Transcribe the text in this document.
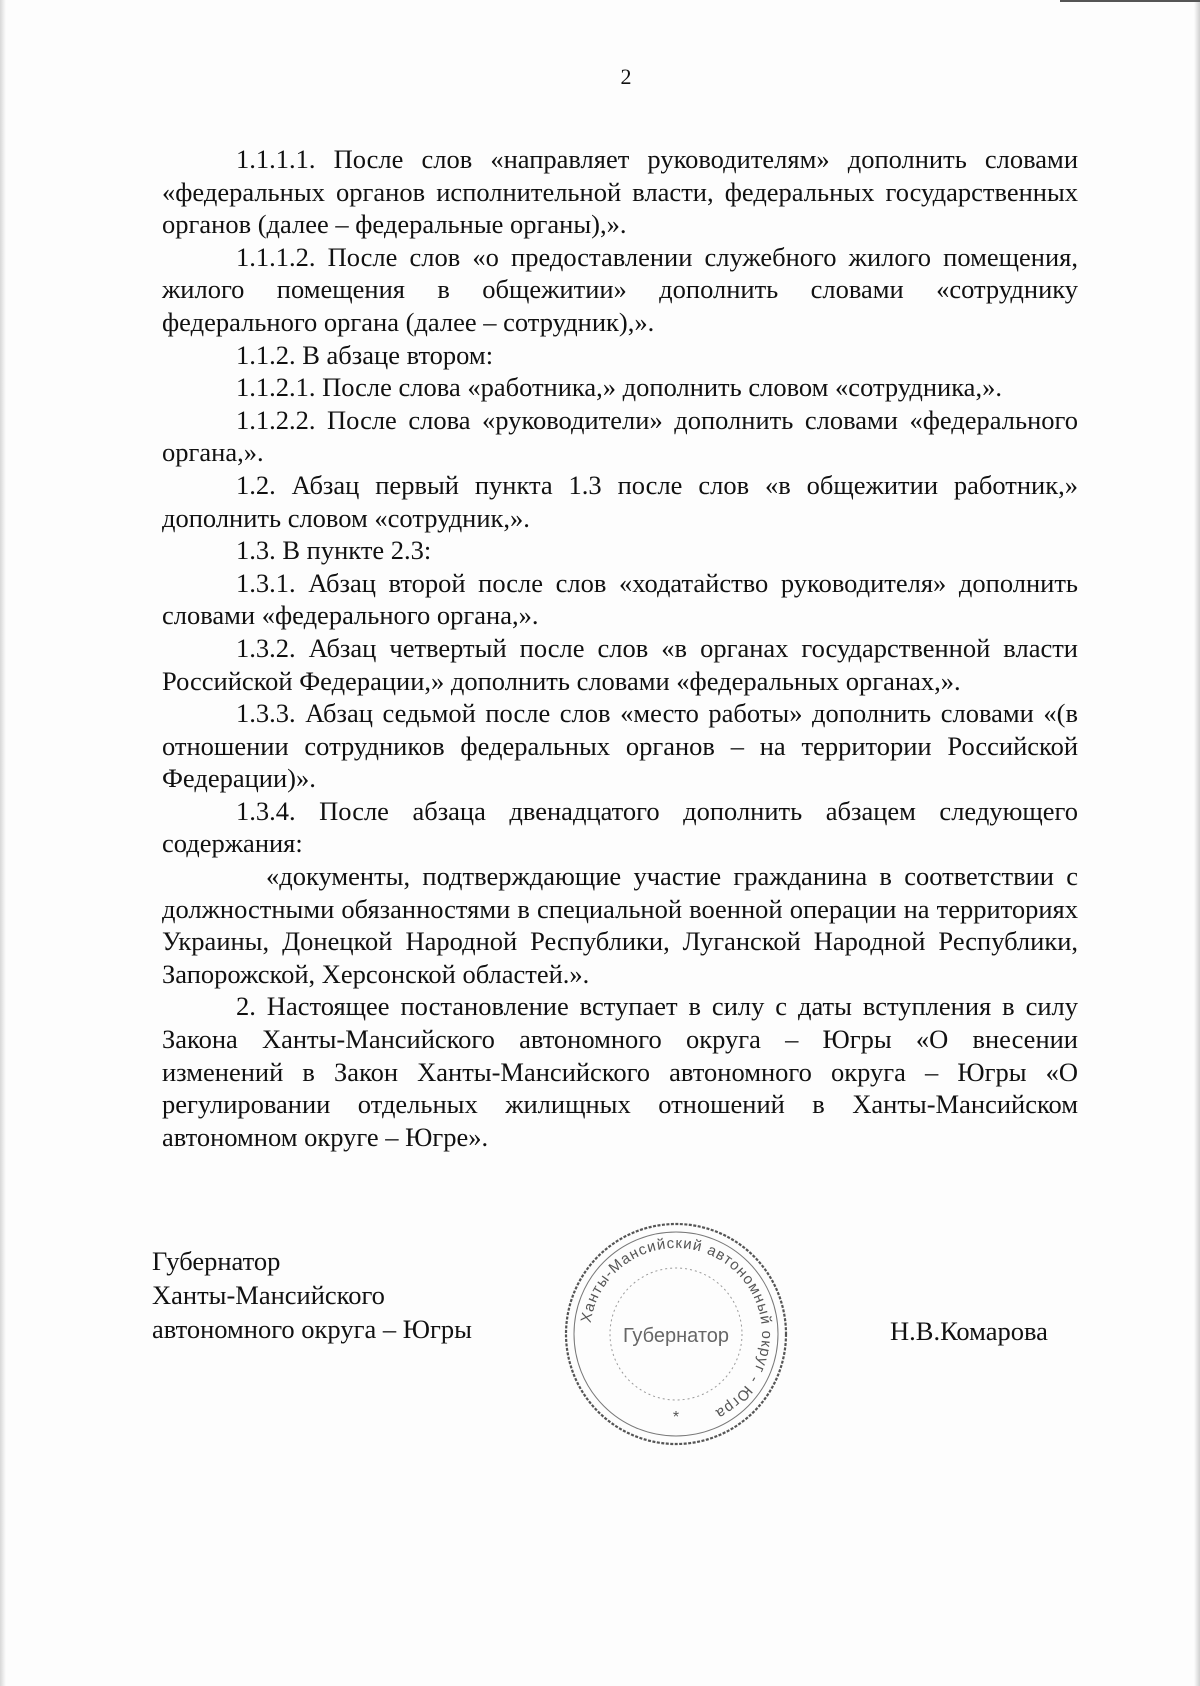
2

1.1.1.1. После слов «направляет руководителям» дополнить словами «федеральных органов исполнительной власти, федеральных государственных органов (далее – федеральные органы),».

1.1.1.2. После слов «о предоставлении служебного жилого помещения, жилого помещения в общежитии» дополнить словами «сотруднику федерального органа (далее – сотрудник),».

1.1.2. В абзаце втором:

1.1.2.1. После слова «работника,» дополнить словом «сотрудника,».

1.1.2.2. После слова «руководители» дополнить словами «федерального органа,».

1.2. Абзац первый пункта 1.3 после слов «в общежитии работник,» дополнить словом «сотрудник,».

1.3. В пункте 2.3:

1.3.1. Абзац второй после слов «ходатайство руководителя» дополнить словами «федерального органа,».

1.3.2. Абзац четвертый после слов «в органах государственной власти Российской Федерации,» дополнить словами «федеральных органах,».

1.3.3. Абзац седьмой после слов «место работы» дополнить словами «(в отношении сотрудников федеральных органов – на территории Российской Федерации)».

1.3.4. После абзаца двенадцатого дополнить абзацем следующего содержания:

«документы, подтверждающие участие гражданина в соответствии с должностными обязанностями в специальной военной операции на территориях Украины, Донецкой Народной Республики, Луганской Народной Республики, Запорожской, Херсонской областей.».

2. Настоящее постановление вступает в силу с даты вступления в силу Закона Ханты-Мансийского автономного округа – Югры «О внесении изменений в Закон Ханты-Мансийского автономного округа – Югры «О регулировании отдельных жилищных отношений в Ханты-Мансийском автономном округе – Югре».

Губернатор
Ханты-Мансийского
автономного округа – Югры	Ханты-Мансийский автономный округ - Югра
Губернатор
*
Н.В.Комарова
